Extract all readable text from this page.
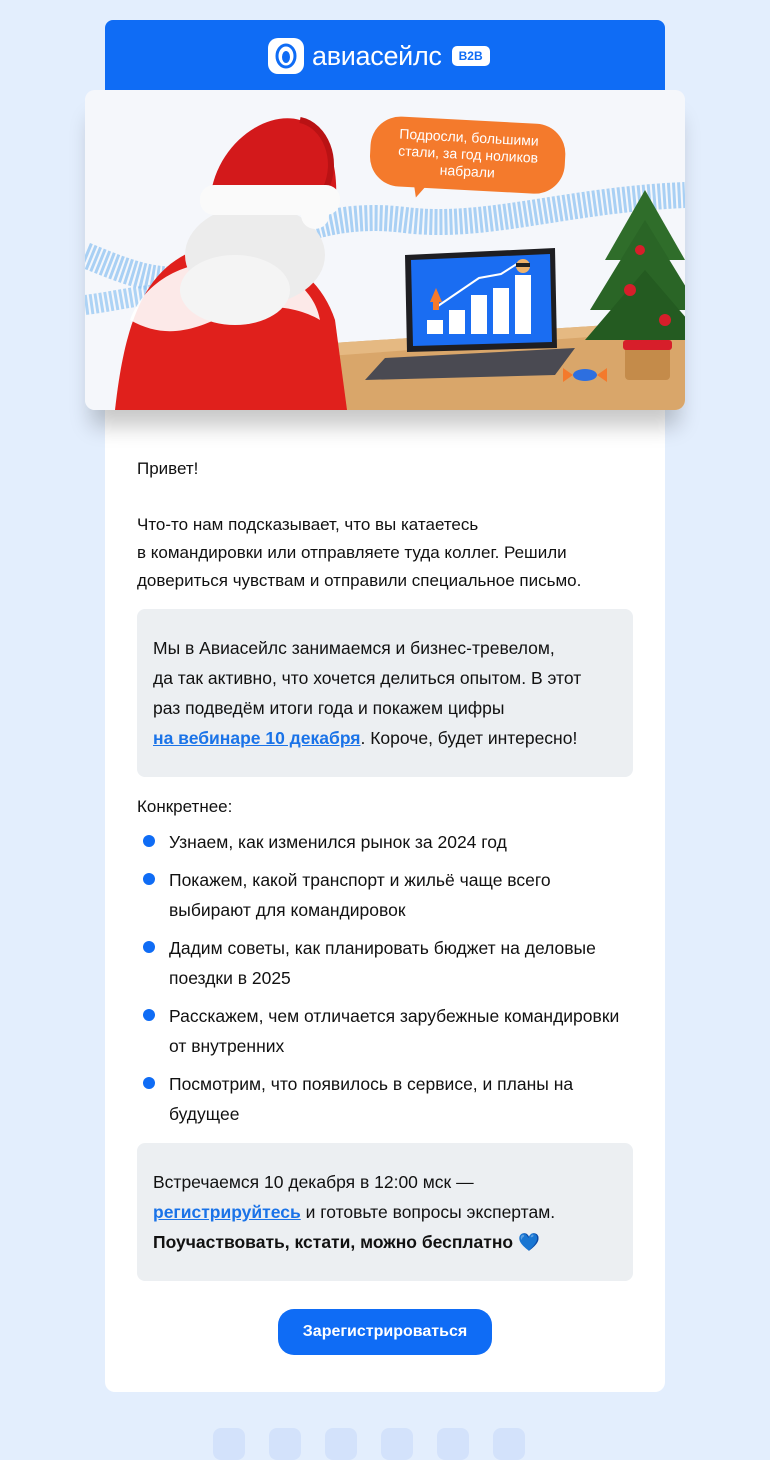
авиасейлс	B2B
Подросли, большими
стали, за год ноликов
набрали

Привет!

Что-то нам подсказывает, что вы катаетесь

в командировки или отправляете туда коллег. Решили

довериться чувствам и отправили специальное письмо.

Мы в Авиасейлс занимаемся и бизнес-тревелом,
да так активно, что хочется делиться опытом. В этот
раз подведём итоги года и покажем цифры
на вебинаре 10 декабря. Короче, будет интересно!

Конкретнее:

Узнаем, как изменился рынок за 2024 год
Покажем, какой транспорт и жильё чаще всего выбирают для командировок
Дадим советы, как планировать бюджет на деловые поездки в 2025
Расскажем, чем отличается зарубежные командировки от внутренних
Посмотрим, что появилось в сервисе, и планы на будущее
Встречаемся 10 декабря в 12:00 мск —
регистрируйтесь и готовьте вопросы экспертам.
Поучаствовать, кстати, можно бесплатно 💙
Зарегистрироваться
